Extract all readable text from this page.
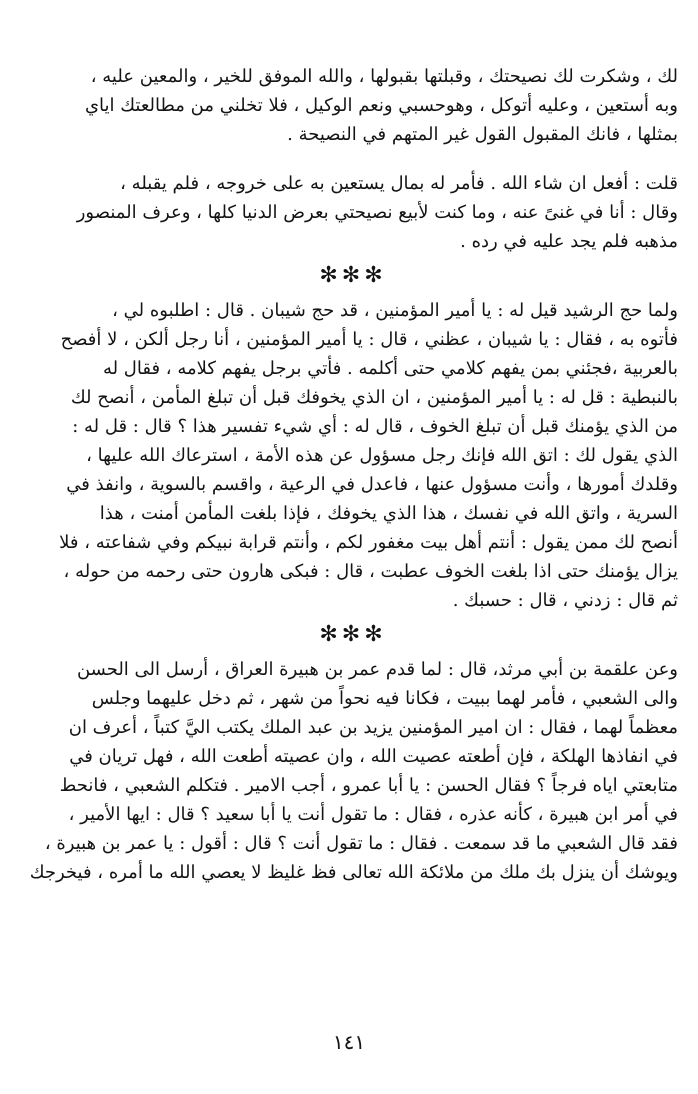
لك ، وشكرت لك نصيحتك ، وقبلتها بقبولها ، والله الموفق للخير ، والمعين عليه ،
وبه أستعين ، وعليه أتوكل ، وهوحسبي ونعم الوكيل ، فلا تخلني من مطالعتك اياي
بمثلها ، فانك المقبول القول غير المتهم في النصيحة .
قلت : أفعل ان شاء الله . فأمر له بمال يستعين به على خروجه ، فلم يقبله ،
وقال : أنا في غنىً عنه ، وما كنت لأبيع نصيحتي بعرض الدنيا كلها ، وعرف المنصور
مذهبه فلم يجد عليه في رده .
✻✻✻
ولما حج الرشيد قيل له : يا أمير المؤمنين ، قد حج شيبان . قال : اطلبوه لي ،
فأتوه به ، فقال : يا شيبان ، عظني ، قال : يا أمير المؤمنين ، أنا رجل ألكن ، لا أفصح
بالعربية ،فجئني بمن يفهم كلامي حتى أكلمه . فأتي برجل يفهم كلامه ، فقال له
بالنبطية : قل له : يا أمير المؤمنين ، ان الذي يخوفك قبل أن تبلغ المأمن ، أنصح لك
من الذي يؤمنك قبل أن تبلغ الخوف ، قال له : أي شيء تفسير هذا ؟ قال : قل له :
الذي يقول لك : اتق الله فإنك رجل مسؤول عن هذه الأمة ، استرعاك الله عليها ،
وقلدك أمورها ، وأنت مسؤول عنها ، فاعدل في الرعية ، واقسم بالسوية ، وانفذ في
السرية ، واتق الله في نفسك ، هذا الذي يخوفك ، فإذا بلغت المأمن أمنت ، هذا
أنصح لك ممن يقول : أنتم أهل بيت مغفور لكم ، وأنتم قرابة نبيكم وفي شفاعته ، فلا
يزال يؤمنك حتى اذا بلغت الخوف عطبت ، قال : فبكى هارون حتى رحمه من حوله ،
ثم قال : زدني ، قال : حسبك .
✻✻✻
وعن علقمة بن أبي مرثد، قال : لما قدم عمر بن هبيرة العراق ، أرسل الى الحسن
والى الشعبي ، فأمر لهما ببيت ، فكانا فيه نحواً من شهر ، ثم دخل عليهما وجلس
معظماً لهما ، فقال : ان امير المؤمنين يزيد بن عبد الملك يكتب اليَّ كتباً ، أعرف ان
في انفاذها الهلكة ، فإن أطعته عصيت الله ، وان عصيته أطعت الله ، فهل تريان في
متابعتي اياه فرجاً ؟ فقال الحسن : يا أبا عمرو ، أجب الامير . فتكلم الشعبي ، فانحط
في أمر ابن هبيرة ، كأنه عذره ، فقال : ما تقول أنت يا أبا سعيد ؟ قال : ايها الأمير ،
فقد قال الشعبي ما قد سمعت . فقال : ما تقول أنت ؟ قال : أقول : يا عمر بن هبيرة ،
ويوشك أن ينزل بك ملك من ملائكة الله تعالى فظ غليظ لا يعصي الله ما أمره ، فيخرجك
١٤١
